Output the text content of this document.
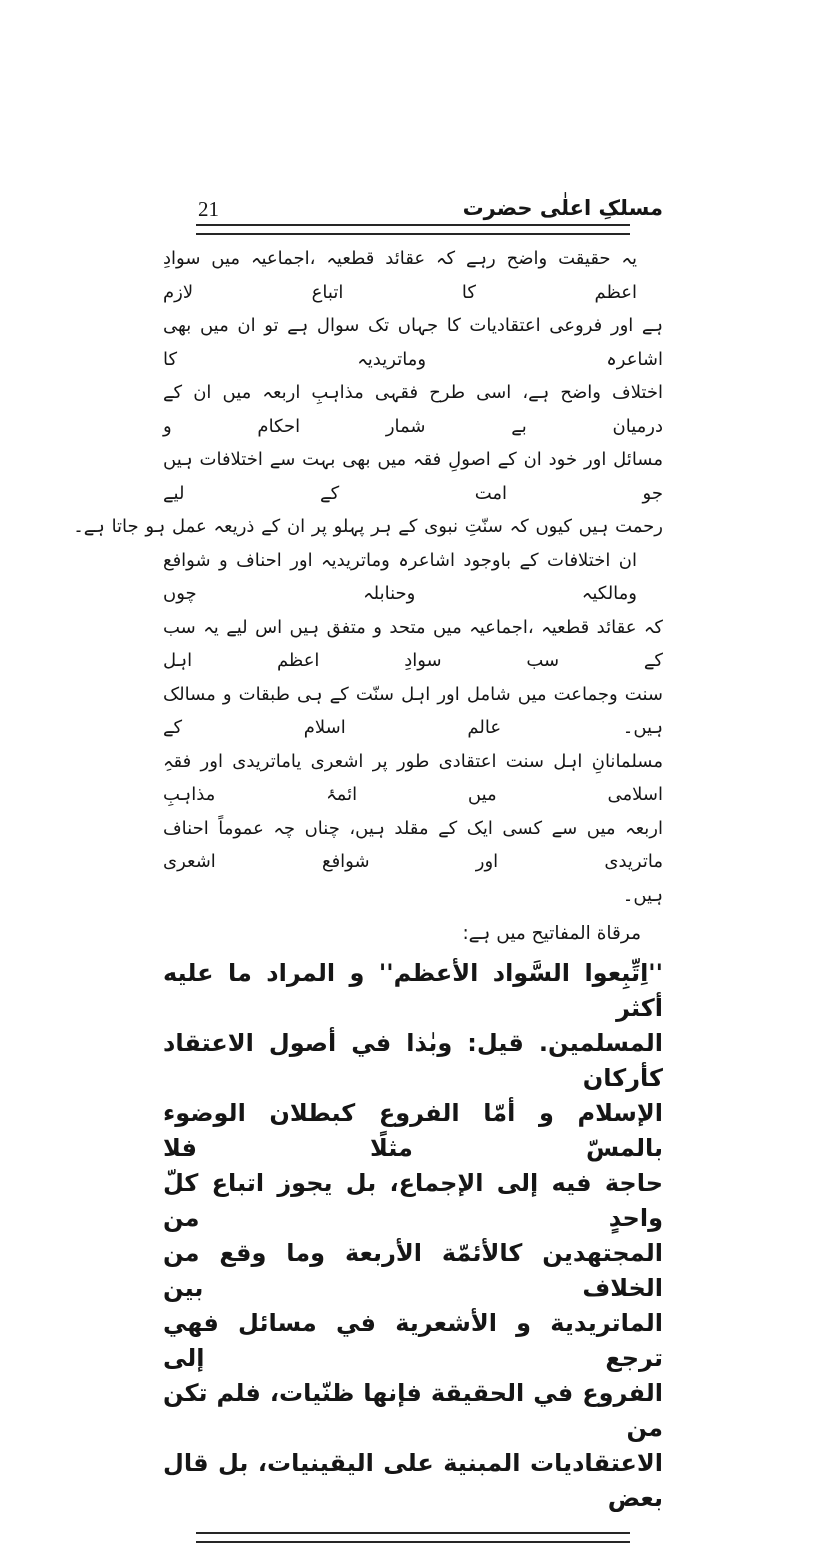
21	مسلکِ اعلٰی حضرت
یہ حقیقت واضح رہے کہ عقائد قطعیہ ،اجماعیہ میں سوادِ اعظم کا اتباع لازم
ہے اور فروعی اعتقادیات کا جہاں تک سوال ہے تو ان میں بھی اشاعرہ وماتریدیہ کا
اختلاف واضح ہے، اسی طرح فقہی مذاہبِ اربعہ میں ان کے درمیان بے شمار احکام و
مسائل اور خود ان کے اصولِ فقہ میں بھی بہت سے اختلافات ہیں جو امت کے لیے
رحمت ہیں کیوں کہ سنّتِ نبوی کے ہر پہلو پر ان کے ذریعہ عمل ہو جاتا ہے۔
ان اختلافات کے باوجود اشاعرہ وماتریدیہ اور احناف و شوافع ومالکیہ وحنابلہ چوں
کہ عقائد قطعیہ ،اجماعیہ میں متحد و متفق ہیں اس لیے یہ سب کے سب سوادِ اعظم اہل
سنت وجماعت میں شامل اور اہل سنّت کے ہی طبقات و مسالک ہیں۔ عالم اسلام کے
مسلمانانِ اہل سنت اعتقادی طور پر اشعری یاماتریدی اور فقہِ اسلامی میں ائمۂ مذاہبِ
اربعہ میں سے کسی ایک کے مقلد ہیں، چناں چہ عموماً احناف ماتریدی اور شوافع اشعری
ہیں۔
مرقاة المفاتیح میں ہے:
''اِتِّبِعوا السَّواد الأعظم'' و المراد ما علیه أكثر
المسلمین. قیل: وبٰذا في أصول الاعتقاد كأركان
الإسلام و أمّا الفروع كبطلان الوضوء بالمسّ مثلًا فلا
حاجة فیه إلى الإجماع، بل یجوز اتباع كلّ واحدٍ من
المجتهدین كالأئمّة الأربعة وما وقع من الخلاف بین
الماتریدیة و الأشعریة في مسائل فهي ترجع إلى
الفروع في الحقیقة فإنها ظنّیات، فلم تكن من
الاعتقادیات المبنیة على الیقینیات، بل قال بعض
